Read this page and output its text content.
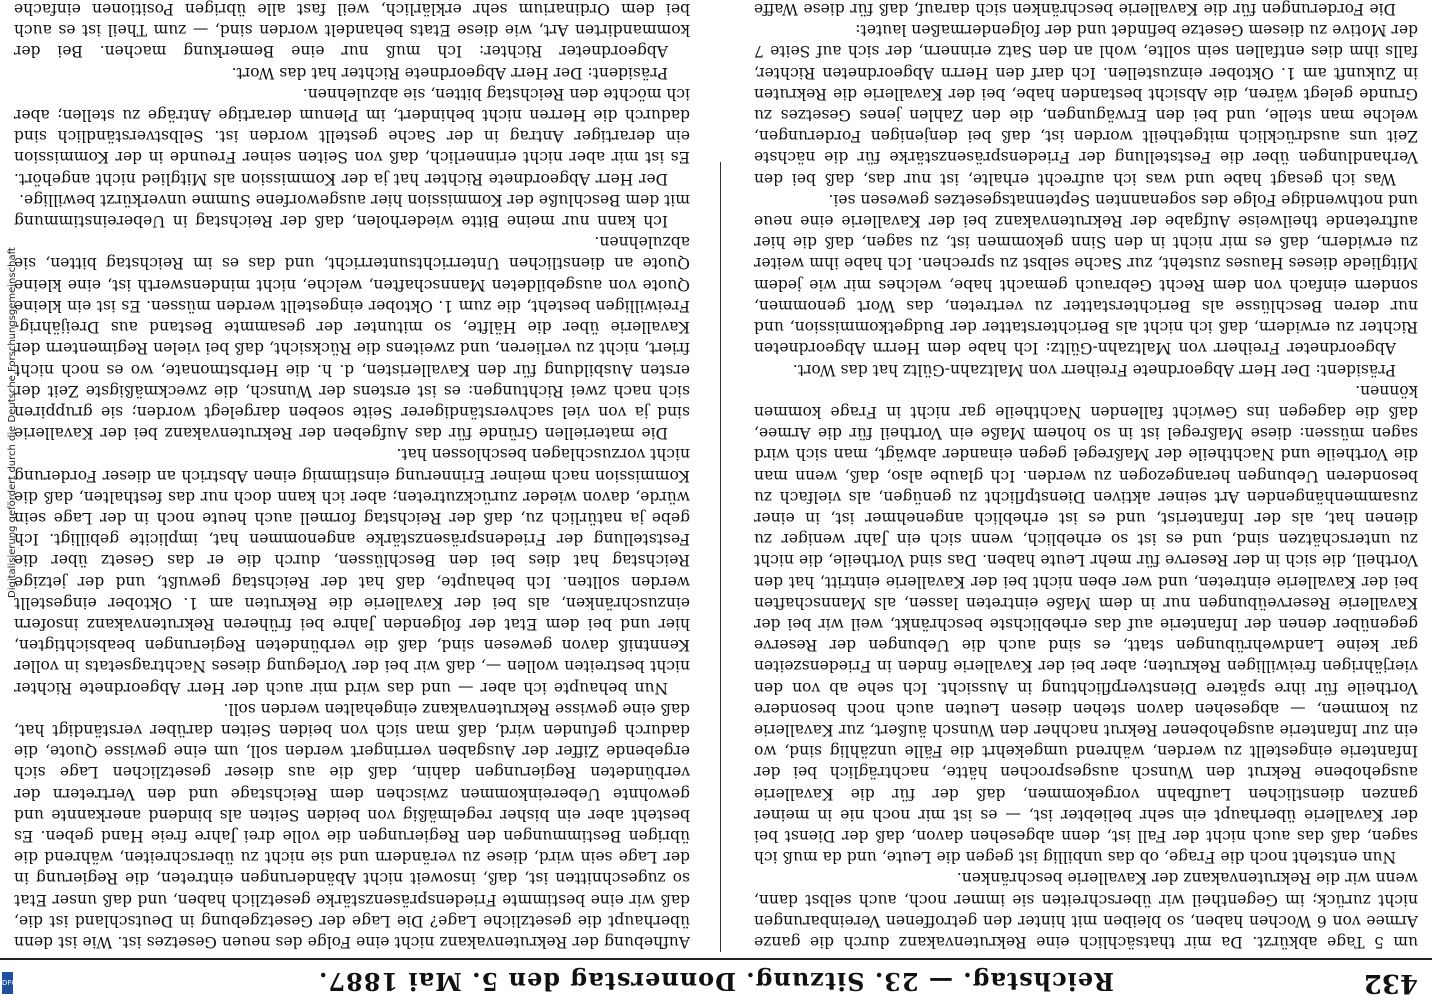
432
Reichstag. — 23. Sitzung. Donnerstag den 5. Mai 1887.

um 5 Tage abkürzt. Da mir thatsächlich eine Rekrutenvakanz durch die ganze Armee von 6 Wochen haben, so bleiben mit hinter den getroffenen Vereinbarungen nicht zurück; im Gegentheil wir überschreiten sie immer noch, auch selbst dann, wenn wir die Rekrutenvakanz der Kavallerie beschränken.

Nun entsteht noch die Frage, ob das unbillig ist gegen die Leute, und da muß ich sagen, daß das auch nicht der Fall ist, denn abgesehen davon, daß der Dienst bei der Kavallerie überhaupt ein sehr beliebter ist, — es ist mir noch nie in meiner ganzen dienstlichen Laufbahn vorgekommen, daß der für die Kavallerie ausgehobene Rekrut den Wunsch ausgesprochen hätte, nachträglich bei der Infanterie eingestellt zu werden, während umgekehrt die Fälle unzählig sind, wo ein zur Infanterie ausgehobener Rekrut nachher den Wunsch äußert, zur Kavallerie zu kommen, — abgesehen davon stehen diesen Leuten auch noch besondere Vortheile für ihre spätere Dienstverpflichtung in Aussicht. Ich sehe ab von den vierjährigen freiwilligen Rekruten; aber bei der Kavallerie finden in Friedenszeiten gar keine Landwehrübungen statt, es sind auch die Uebungen der Reserve gegenüber denen der Infanterie auf das erheblichste beschränkt, weil wir bei der Kavallerie Reserveübungen nur in dem Maße eintreten lassen, als Mannschaften bei der Kavallerie eintreten, und wer eben nicht bei der Kavallerie eintritt, hat den Vortheil, die sich in der Reserve für mehr Leute haben. Das sind Vortheile, die nicht zu unterschätzen sind, und es ist so erheblich, wenn sich ein Jahr weniger zu dienen hat, als der Infanterist, und es ist erheblich angenehmer ist, in einer zusammenhängenden Art seiner aktiven Dienstpflicht zu genügen, als vielfach zu besonderen Uebungen herangezogen zu werden. Ich glaube also, daß, wenn man die Vortheile und Nachtheile der Maßregel gegen einander abwägt, man sich wird sagen müssen: diese Maßregel ist in so hohem Maße ein Vortheil für die Armee, daß die dagegen ins Gewicht fallenden Nachtheile gar nicht in Frage kommen können.

Präsident: Der Herr Abgeordnete Freiherr von Maltzahn-Gültz hat das Wort.

Abgeordneter Freiherr von Maltzahn-Gültz: Ich habe dem Herrn Abgeordneten Richter zu erwidern, daß ich nicht als Berichterstatter der Budgetkommission, und nur deren Beschlüsse als Berichterstatter zu vertreten, das Wort genommen, sondern einfach von dem Recht Gebrauch gemacht habe, welches mir wie jedem Mitgliede dieses Hauses zusteht, zur Sache selbst zu sprechen. Ich habe ihm weiter zu erwidern, daß es mir nicht in den Sinn gekommen ist, zu sagen, daß die hier auftretende theilweise Aufgabe der Rekrutenvakanz bei der Kavallerie eine neue und nothwendige Folge des sogenannten Septennatsgesetzes gewesen sei.

Was ich gesagt habe und was ich aufrecht erhalte, ist nur das, daß bei den Verhandlungen über die Feststellung der Friedenspräsenzstärke für die nächste Zeit uns ausdrücklich mitgetheilt worden ist, daß bei denjenigen Forderungen, welche man stelle, und bei den Erwägungen, die den Zahlen jenes Gesetzes zu Grunde gelegt wären, die Absicht bestanden habe, bei der Kavallerie die Rekruten in Zukunft am 1. Oktober einzustellen. Ich darf den Herrn Abgeordneten Richter, falls ihm dies entfallen sein sollte, wohl an den Satz erinnern, der sich auf Seite 7 der Motive zu diesem Gesetze befindet und der folgendermaßen lautet:

Die Forderungen für die Kavallerie beschränken sich darauf, daß für diese Waffe

Aufhebung der Rekrutenvakanz nicht eine Folge des neuen Gesetzes ist. Wie ist denn überhaupt die gesetzliche Lage? Die Lage der Gesetzgebung in Deutschland ist die, daß wir eine bestimmte Friedenspräsenzstärke gesetzlich haben, und daß unser Etat so zugeschnitten ist, daß, insoweit nicht Abänderungen eintreten, die Regierung in der Lage sein wird, diese zu verändern und sie nicht zu überschreiten, während die übrigen Bestimmungen den Regierungen die volle drei Jahre freie Hand geben. Es besteht aber ein bisher regelmäßig von beiden Seiten als bindend anerkannte und gewohnte Uebereinkommen zwischen dem Reichstage und den Vertretern der verbündeten Regierungen dahin, daß die aus dieser gesetzlichen Lage sich ergebende Ziffer der Ausgaben verringert werden soll, um eine gewisse Quote, die dadurch gefunden wird, daß man sich von beiden Seiten darüber verständigt hat, daß eine gewisse Rekrutenvakanz eingehalten werden soll.

Nun behaupte ich aber — und das wird mir auch der Herr Abgeordnete Richter nicht bestreiten wollen —, daß wir bei der Vorlegung dieses Nachtragsetats in voller Kenntniß davon gewesen sind, daß die verbündeten Regierungen beabsichtigten, hier und bei dem Etat der folgenden Jahre bei früheren Rekrutenvakanz insofern einzuschränken, als bei der Kavallerie die Rekruten am 1. Oktober eingestellt werden sollten. Ich behaupte, daß hat der Reichstag gewußt, und der jetzige Reichstag hat dies bei den Beschlüssen, durch die er das Gesetz über die Feststellung der Friedenspräsenzstärke angenommen hat, implicite gebilligt. Ich gebe ja natürlich zu, daß der Reichstag formell auch heute noch in der Lage sein würde, davon wieder zurückzutreten; aber ich kann doch nur das festhalten, daß die Kommission nach meiner Erinnerung einstimmig einen Abstrich an dieser Forderung nicht vorzuschlagen beschlossen hat.

Die materiellen Gründe für das Aufgeben der Rekrutenvakanz bei der Kavallerie sind ja von viel sachverständigerer Seite soeben dargelegt worden; sie gruppiren sich nach zwei Richtungen: es ist erstens der Wunsch, die zweckmäßigste Zeit der ersten Ausbildung für den Kavalleristen, d. h. die Herbstmonate, wo es noch nicht friert, nicht zu verlieren, und zweitens die Rücksicht, daß bei vielen Regimentern der Kavallerie über die Hälfte, so mitunter der gesammte Bestand aus Dreijährig-Freiwilligen besteht, die zum 1. Oktober eingestellt werden müssen. Es ist ein kleine Quote von ausgebildeten Mannschaften, welche, nicht mindenswerth ist, eine kleine Quote an dienstlichen Unterrichtsunterricht, und das es im Reichstag bitten, sie abzulehnen.

Ich kann nur meine Bitte wiederholen, daß der Reichstag in Uebereinstimmung mit dem Beschluße der Kommission hier ausgeworfene Summe unverkürzt bewillige.

Der Herr Abgeordnete Richter hat ja der Kommission als Mitglied nicht angehört. Es ist mir aber nicht erinnerlich, daß von Seiten seiner Freunde in der Kommission ein derartiger Antrag in der Sache gestellt worden ist. Selbstverständlich sind dadurch die Herren nicht behindert, im Plenum derartige Anträge zu stellen; aber ich möchte den Reichstag bitten, sie abzulehnen.

Präsident: Der Herr Abgeordnete Richter hat das Wort.

Abgeordneter Richter: Ich muß nur eine Bemerkung machen. Bei der kommandirten Art, wie diese Etats behandelt worden sind, — zum Theil ist es auch bei dem Ordinarium sehr erklärlich, weil fast alle übrigen Positionen einfache

Digitalisierung gefördert durch die Deutsche Forschungsgemeinschaft
DFG
